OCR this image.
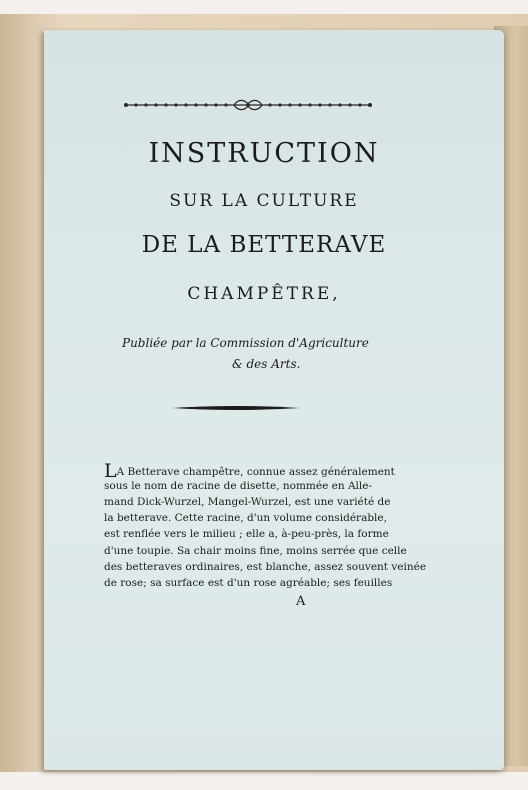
INSTRUCTION
SUR LA CULTURE
DE LA BETTERAVE
CHAMPÊTRE,
Publiée par la Commission d'Agriculture
& des Arts.
LA Betterave champêtre, connue assez généralement
sous le nom de racine de disette, nommée en Alle-
mand Dick-Wurzel, Mangel-Wurzel, est une variété de
la betterave. Cette racine, d'un volume considérable,
est renflée vers le milieu ; elle a, à-peu-près, la forme
d'une toupie. Sa chair moins fine, moins serrée que celle
des betteraves ordinaires, est blanche, assez souvent veinée
de rose; sa surface est d'un rose agréable; ses feuilles
A
